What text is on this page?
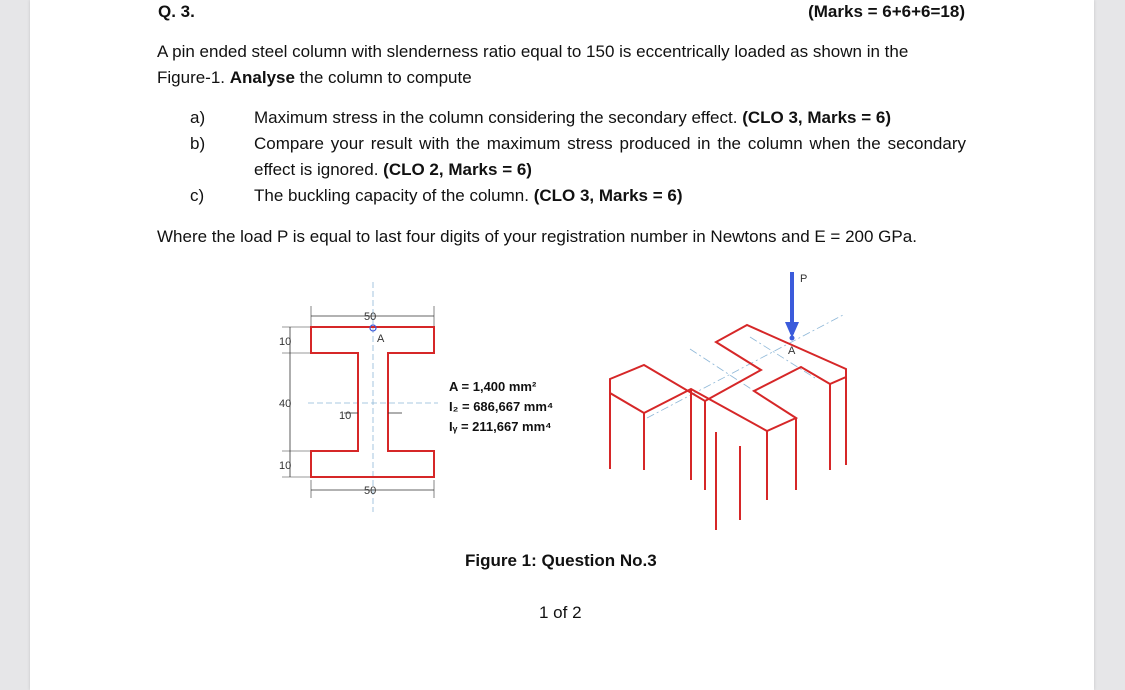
Q. 3.	(Marks = 6+6+6=18)
A pin ended steel column with slenderness ratio equal to 150 is eccentrically loaded as shown in the
Figure-1. Analyse the column to compute
a)	Maximum stress in the column considering the secondary effect. (CLO 3, Marks = 6)
b)	Compare your result with the maximum stress produced in the column when the secondary effect is ignored. (CLO 2, Marks = 6)
c)	The buckling capacity of the column. (CLO 3, Marks = 6)
Where the load P is equal to last four digits of your registration number in Newtons and E = 200 GPa.
50
50
10
40
10
10
A
A = 1,400 mm²
I₂ = 686,667 mm⁴
Iᵧ = 211,667 mm⁴
P
A
Figure 1: Question No.3
1 of 2
